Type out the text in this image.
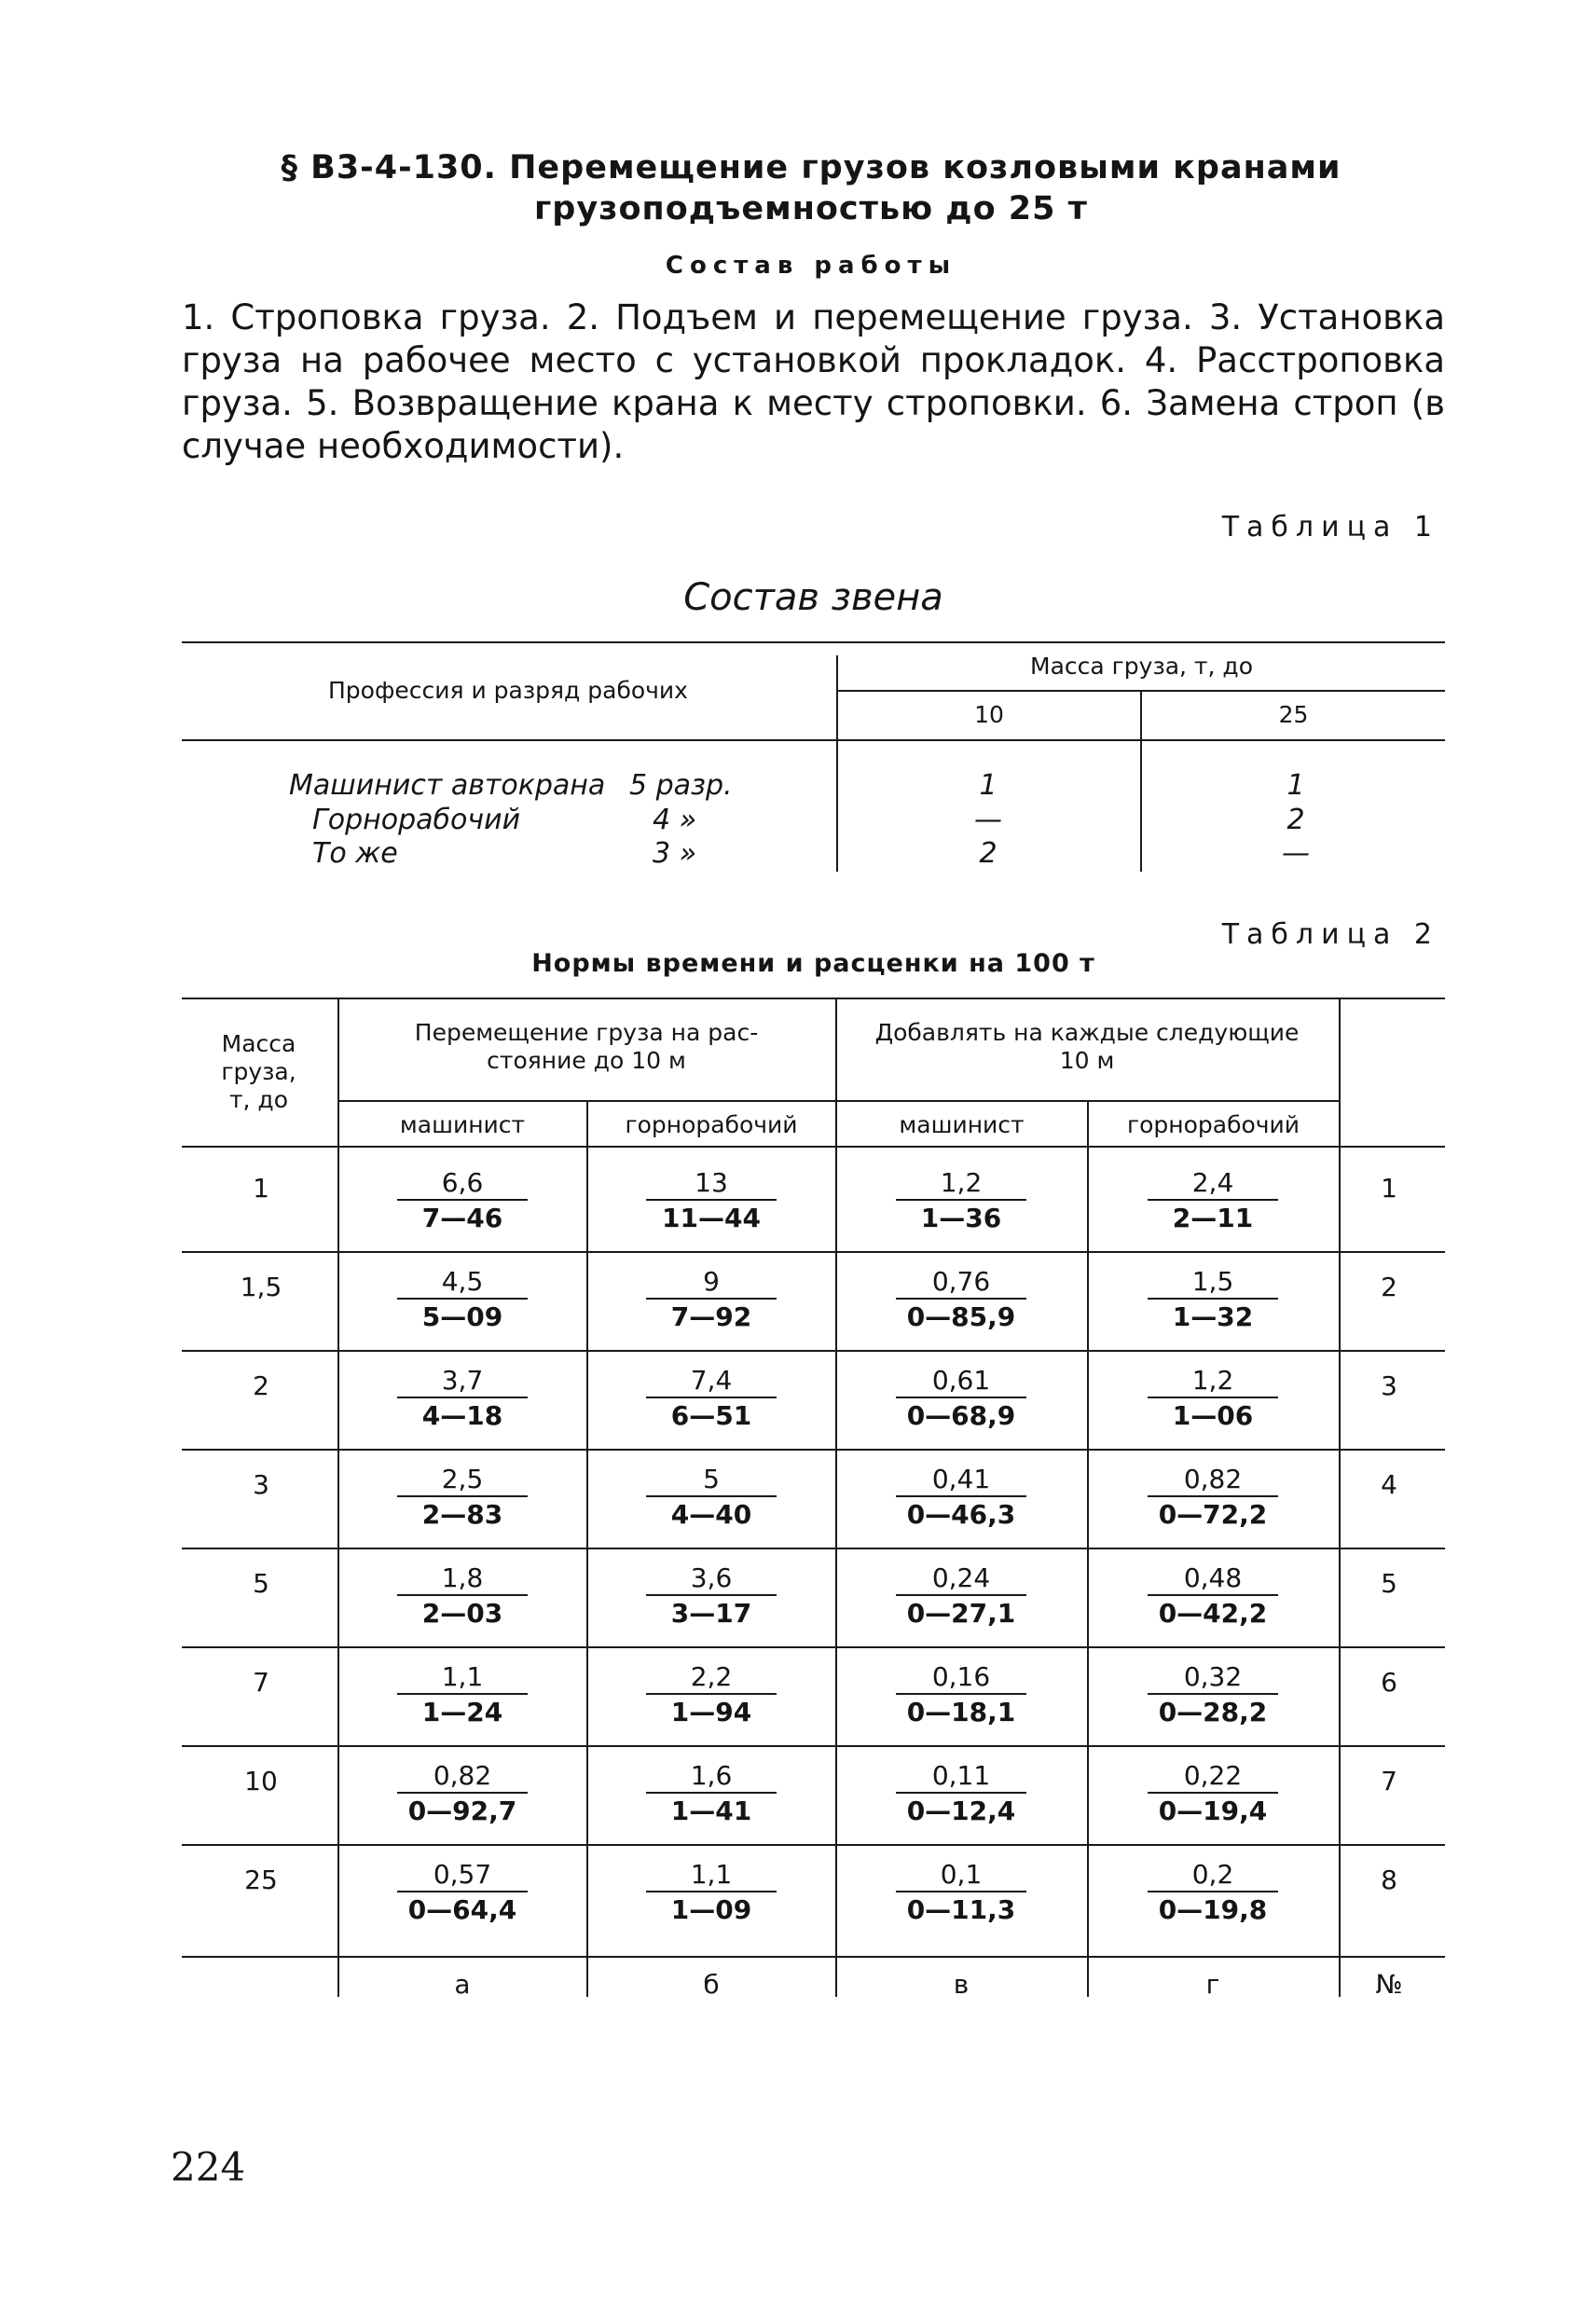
§ В3-4-130. Перемещение грузов козловыми кранами
грузоподъемностью до 25 т
Состав работы
1. Строповка груза. 2. Подъем и перемещение груза. 3. Установка груза на рабочее место с установкой прокладок. 4. Расстроповка груза. 5. Возвращение крана к месту строповки. 6. Замена строп (в случае необходимости).
Таблица 1
Состав звена
Профессия и разряд рабочих
Масса груза, т, до
10	25
Машинист автокрана 5 разр.	1	1
Горнорабочий	4 »	—	2
То же	3 »	2	—
Таблица 2
Нормы времени и расценки на 100 т
Масса
груза,
т, до
Перемещение груза на рас-
стояние до 10 м
Добавлять на каждые следующие
10 м
машинист	горнорабочий	машинист	горнорабочий
а	б	в	г	№
1	$\frac{6,6}{7—46}$	$\frac{13}{11—44}$	$\frac{1,2}{1—36}$	$\frac{2,4}{2—11}$	1
1,5	$\frac{4,5}{5—09}$	$\frac{9}{7—92}$	$\frac{0,76}{0—85,9}$	$\frac{1,5}{1—32}$	2
2	$\frac{3,7}{4—18}$	$\frac{7,4}{6—51}$	$\frac{0,61}{0—68,9}$	$\frac{1,2}{1—06}$	3
3	$\frac{2,5}{2—83}$	$\frac{5}{4—40}$	$\frac{0,41}{0—46,3}$	$\frac{0,82}{0—72,2}$	4
5	$\frac{1,8}{2—03}$	$\frac{3,6}{3—17}$	$\frac{0,24}{0—27,1}$	$\frac{0,48}{0—42,2}$	5
7	$\frac{1,1}{1—24}$	$\frac{2,2}{1—94}$	$\frac{0,16}{0—18,1}$	$\frac{0,32}{0—28,2}$	6
10	$\frac{0,82}{0—92,7}$	$\frac{1,6}{1—41}$	$\frac{0,11}{0—12,4}$	$\frac{0,22}{0—19,4}$	7
25	$\frac{0,57}{0—64,4}$	$\frac{1,1}{1—09}$	$\frac{0,1}{0—11,3}$	$\frac{0,2}{0—19,8}$	8
224
